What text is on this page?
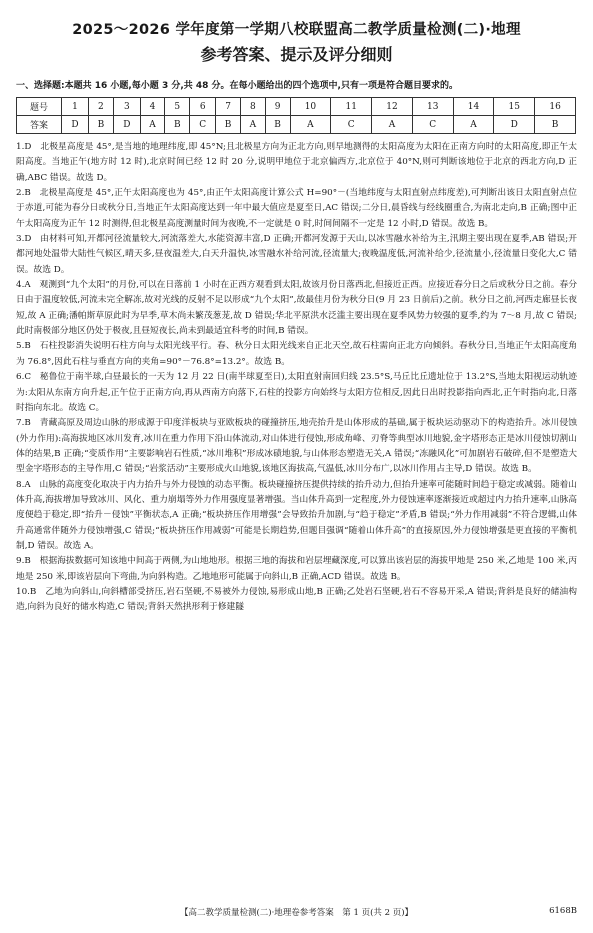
2025～2026 学年度第一学期八校联盟高二教学质量检测(二)·地理
参考答案、提示及评分细则
一、选择题:本题共 16 小题,每小题 3 分,共 48 分。在每小题给出的四个选项中,只有一项是符合题目要求的。
题号	1	2	3	4	5	6	7	8	9	10	11	12	13	14	15	16
答案	D	B	D	A	B	C	B	A	B	A	C	A	C	A	D	B

1.D　 北极星高度是 45°,是当地的地理纬度,即 45°N;且北极星方向为正北方向,则早地测得的太阳高度为太阳在正南方向时的太阳高度,即正午太阳高度。当地正午(地方时 12 时),北京时间已经 12 时 20 分,说明甲地位于北京偏西方,北京位于 40°N,则可判断该地位于北京的西北方向,D 正确,ABC 错误。故选 D。

2.B　 北极星高度是 45°,正午太阳高度也为 45°,由正午太阳高度计算公式 H=90°－(当地纬度与太阳直射点纬度差),可判断出该日太阳直射点位于赤道,可能为春分日或秋分日,当地正午太阳高度达到一年中最大值应是夏至日,AC 错误;二分日,晨昏线与经线圈重合,为南北走向,B 正确;图中正午太阳高度为正午 12 时测得,但北极星高度测量时间为夜晚,不一定就是 0 时,时间间隔不一定是 12 小时,D 错误。故选 B。

3.D　 由材料可知,开都河径流量较大,河流落差大,水能资源丰富,D 正确;开都河发源于天山,以冰雪融水补给为主,汛期主要出现在夏季,AB 错误;开都河地处温带大陆性气候区,晴天多,昼夜温差大,白天升温快,冰雪融水补给河流,径流量大;夜晚温度低,河流补给少,径流量小,径流量日变化大,C 错误。故选 D。

4.A　 观测到“九个太阳”的月份,可以在日落前 1 小时在正西方观看到太阳,故该月份日落西北,但接近正西。应接近春分日之后或秋分日之前。春分日由于温度较低,河流未完全解冻,故对光线的反射不足以形成“九个太阳”,故最佳月份为秋分日(9 月 23 日前后)之前。秋分日之前,河西走廊昼长夜短,故 A 正确;潘帕斯草原此时为早季,草木尚未繁茂葱茏,故 D 错误;华北平原洪水泛滥主要出现在夏季风势力较强的夏季,约为 7～8 月,故 C 错误;此时南极部分地区仍处于极夜,且昼短夜长,尚未到最适宜科考的时间,B 错误。

5.B　 石柱投影消失说明石柱方向与太阳光线平行。春、秋分日太阳光线来自正北天空,故石柱需向正北方向倾斜。春秋分日,当地正午太阳高度角为 76.8°,因此石柱与垂直方向的夹角=90°－76.8°=13.2°。故选 B。

6.C　 秘鲁位于南半球,白昼最长的一天为 12 月 22 日(南半球夏至日),太阳直射南回归线 23.5°S,马丘比丘遗址位于 13.2°S,当地太阳视运动轨迹为:太阳从东南方向升起,正午位于正南方向,再从西南方向落下,石柱的投影方向始终与太阳方位相反,因此日出时投影指向西北,正午时指向北,日落时指向东北。故选 C。

7.B　 青藏高原及周边山脉的形成源于印度洋板块与亚欧板块的碰撞挤压,地壳抬升是山体形成的基础,属于板块运动驱动下的构造抬升。冰川侵蚀(外力作用):高海拔地区冰川发育,冰川在重力作用下沿山体流动,对山体进行侵蚀,形成角峰、刃脊等典型冰川地貌,金字塔形态正是冰川侵蚀切割山体的结果,B 正确;“变质作用”主要影响岩石性质,“冰川堆积”形成冰碛地貌,与山体形态塑造无关,A 错误;“冻融风化”可加剧岩石破碎,但不是塑造大型金字塔形态的主导作用,C 错误;“岩浆活动”主要形成火山地貌,该地区海拔高,气温低,冰川分布广,以冰川作用占主导,D 错误。故选 B。

8.A　 山脉的高度变化取决于内力抬升与外力侵蚀的动态平衡。板块碰撞挤压提供持续的抬升动力,但抬升速率可能随时间趋于稳定或减弱。随着山体升高,海拔增加导致冰川、风化、重力崩塌等外力作用强度显著增强。当山体升高到一定程度,外力侵蚀速率逐渐接近或超过内力抬升速率,山脉高度便趋于稳定,即“抬升－侵蚀”平衡状态,A 正确;“板块挤压作用增强”会导致抬升加剧,与“趋于稳定”矛盾,B 错误;“外力作用减弱”不符合逻辑,山体升高通常伴随外力侵蚀增强,C 错误;“板块挤压作用减弱”可能是长期趋势,但题目强调“随着山体升高”的直接原因,外力侵蚀增强是更直接的平衡机制,D 错误。故选 A。

9.B　 根据海拔数据可知该地中间高于两侧,为山地地形。根据三地的海拔和岩层埋藏深度,可以算出该岩层的海拔甲地是 250 米,乙地是 100 米,丙地是 250 米,即该岩层向下弯曲,为向斜构造。乙地地形可能属于向斜山,B 正确,ACD 错误。故选 B。

10.B　 乙地为向斜山,向斜槽部受挤压,岩石坚硬,不易被外力侵蚀,易形成山地,B 正确;乙处岩石坚硬,岩石不容易开采,A 错误;背斜是良好的储油构造,向斜为良好的储水构造,C 错误;背斜天然拱形利于修建隧

【高二教学质量检测(二)·地理卷参考答案　第 1 页(共 2 页)】	6168B
